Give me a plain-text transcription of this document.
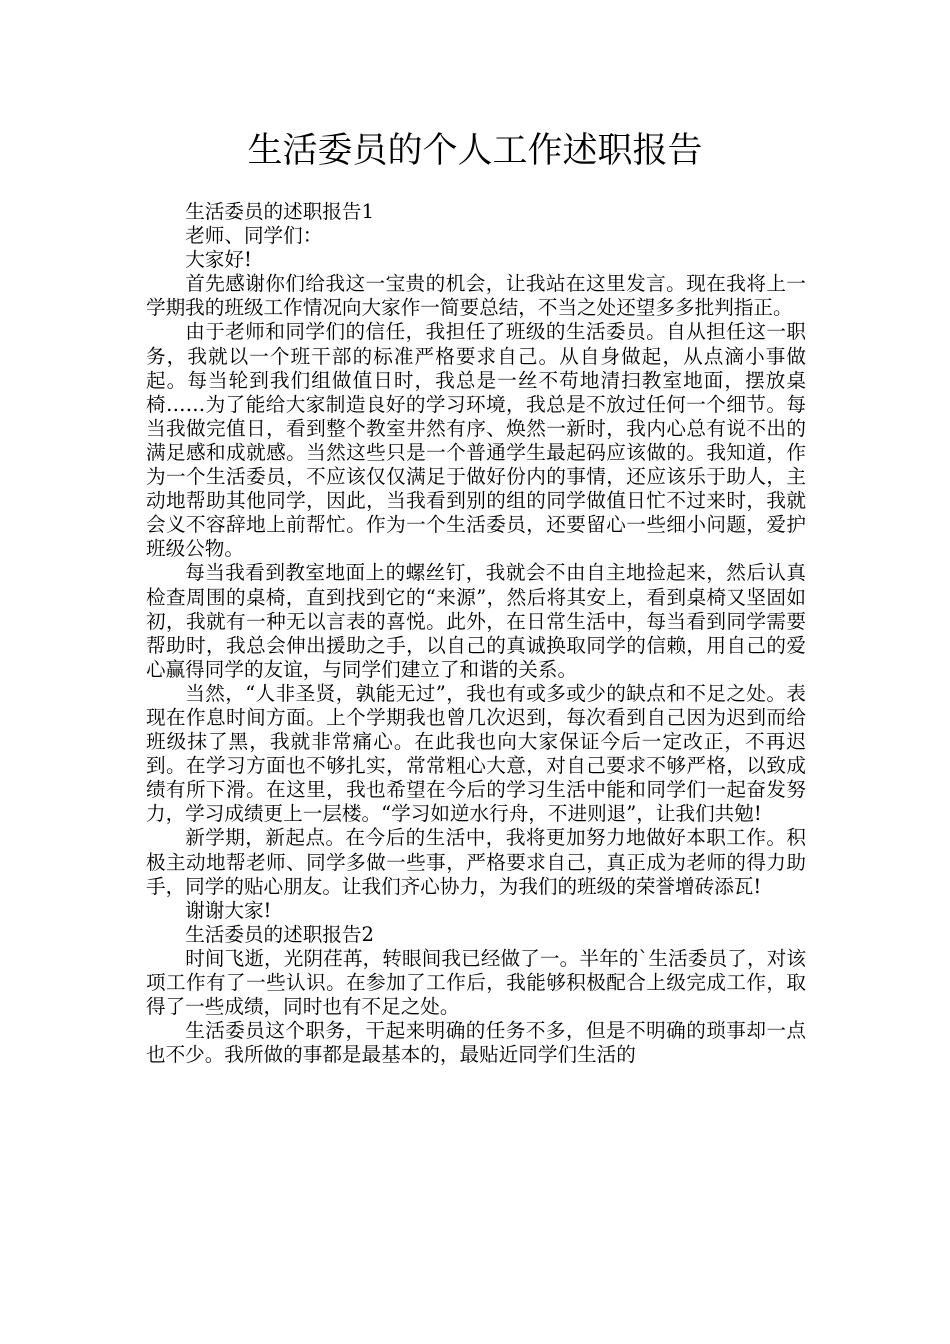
生活委员的个人工作述职报告

生活委员的述职报告1

老师、同学们：

大家好!

首先感谢你们给我这一宝贵的机会，让我站在这里发言。现在我将上一学期我的班级工作情况向大家作一简要总结，不当之处还望多多批判指正。

由于老师和同学们的信任，我担任了班级的生活委员。自从担任这一职务，我就以一个班干部的标准严格要求自己。从自身做起，从点滴小事做起。每当轮到我们组做值日时，我总是一丝不苟地清扫教室地面，摆放桌椅……为了能给大家制造良好的学习环境，我总是不放过任何一个细节。每当我做完值日，看到整个教室井然有序、焕然一新时，我内心总有说不出的满足感和成就感。当然这些只是一个普通学生最起码应该做的。我知道，作为一个生活委员，不应该仅仅满足于做好份内的事情，还应该乐于助人，主动地帮助其他同学，因此，当我看到别的组的同学做值日忙不过来时，我就会义不容辞地上前帮忙。作为一个生活委员，还要留心一些细小问题，爱护班级公物。

每当我看到教室地面上的螺丝钉，我就会不由自主地捡起来，然后认真检查周围的桌椅，直到找到它的“来源”，然后将其安上，看到桌椅又坚固如初，我就有一种无以言表的喜悦。此外，在日常生活中，每当看到同学需要帮助时，我总会伸出援助之手，以自己的真诚换取同学的信赖，用自己的爱心赢得同学的友谊，与同学们建立了和谐的关系。

当然，“人非圣贤，孰能无过”，我也有或多或少的缺点和不足之处。表现在作息时间方面。上个学期我也曾几次迟到，每次看到自己因为迟到而给班级抹了黑，我就非常痛心。在此我也向大家保证今后一定改正，不再迟到。在学习方面也不够扎实，常常粗心大意，对自己要求不够严格，以致成绩有所下滑。在这里，我也希望在今后的学习生活中能和同学们一起奋发努力，学习成绩更上一层楼。“学习如逆水行舟，不进则退”，让我们共勉!

新学期，新起点。在今后的生活中，我将更加努力地做好本职工作。积极主动地帮老师、同学多做一些事，严格要求自己，真正成为老师的得力助手，同学的贴心朋友。让我们齐心协力，为我们的班级的荣誉增砖添瓦!

谢谢大家!

生活委员的述职报告2

时间飞逝，光阴荏苒，转眼间我已经做了一。半年的`生活委员了，对该项工作有了一些认识。在参加了工作后，我能够积极配合上级完成工作，取得了一些成绩，同时也有不足之处。

生活委员这个职务，干起来明确的任务不多，但是不明确的琐事却一点也不少。我所做的事都是最基本的，最贴近同学们生活的
